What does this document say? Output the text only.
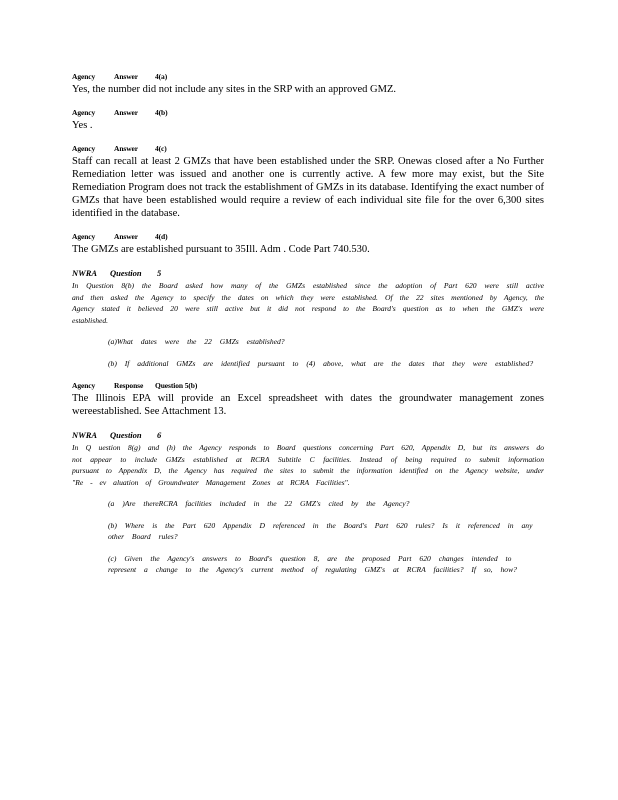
Agency	Answer 4(a)
Yes, the number did not include any sites in the SRP with an approved GMZ.
Agency	Answer 4(b)
Yes .
Agency	Answer 4(c)
Staff can recall at least 2 GMZs that have been established under the SRP. Onewas closed after a No Further Remediation letter was issued and another one is currently active. A few more may exist, but the Site Remediation Program does not track the establishment of GMZs in its database. Identifying the exact number of GMZs that have been established would require a review of each individual site file for the over 6,300 sites identified in the database.
Agency	Answer 4(d)
The GMZs are established pursuant to 35Ill. Adm . Code Part 740.530.
NWRA Question 5
In Question 8(b) the Board asked how many of the GMZs established since the adoption of Part 620 were still active and then asked the Agency to specify the dates on which they were established. Of the 22 sites mentioned by Agency, the Agency stated it believed 20 were still active but it did not respond to the Board's question as to when the GMZ's were established.
(a)What dates were the 22 GMZs established?
(b) If additional GMZs are identified pursuant to (4) above, what are the dates that they were established?
Agency	Response Question 5(b)
The Illinois EPA will provide an Excel spreadsheet with dates the groundwater management zones wereestablished. See Attachment 13.
NWRA Question 6
In Q uestion 8(g) and (h) the Agency responds to Board questions concerning Part 620, Appendix D, but its answers do not appear to include GMZs established at RCRA Subtitle C facilities. Instead of being required to submit information pursuant to Appendix D, the Agency has required the sites to submit the information identified on the Agency website, under "Re - ev aluation of Groundwater Management Zones at RCRA Facilities".
(a )Are thereRCRA facilities included in the 22 GMZ's cited by the Agency?
(b) Where is the Part 620 Appendix D referenced in the Board's Part 620 rules? Is it referenced in any other Board rules?
(c) Given the Agency's answers to Board's question 8, are the proposed Part 620 changes intended to represent a change to the Agency's current method of regulating GMZ's at RCRA facilities? If so, how?
